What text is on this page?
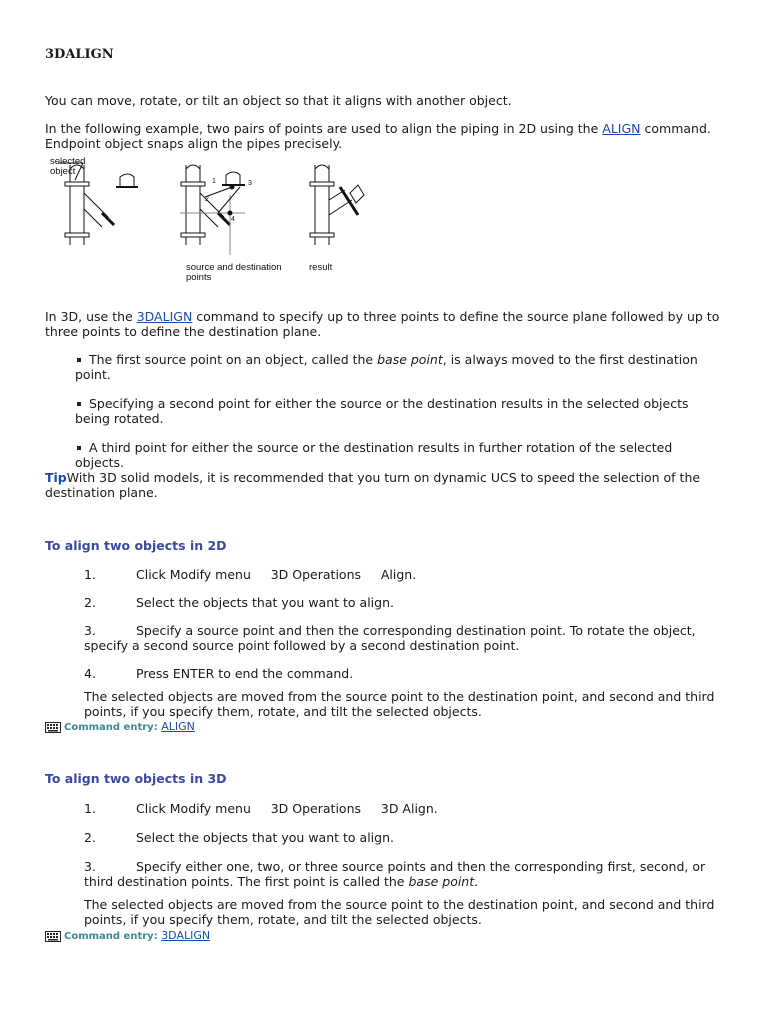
3DALIGN
You can move, rotate, or tilt an object so that it aligns with another object.
In the following example, two pairs of points are used to align the piping in 2D using the ALIGN command. Endpoint object snaps align the pipes precisely.
selected object
source and destination points
result
1
2
3
4
In 3D, use the 3DALIGN command to specify up to three points to define the source plane followed by up to three points to define the destination plane.
The first source point on an object, called the base point, is always moved to the first destination point.
Specifying a second point for either the source or the destination results in the selected objects being rotated.
A third point for either the source or the destination results in further rotation of the selected objects.
TipWith 3D solid models, it is recommended that you turn on dynamic UCS to speed the selection of the destination plane.
To align two objects in 2D
1.	Click Modify menu     3D Operations     Align.
2.	Select the objects that you want to align.
3.	Specify a source point and then the corresponding destination point. To rotate the object, specify a second source point followed by a second destination point.
4.	Press ENTER to end the command.
The selected objects are moved from the source point to the destination point, and second and third points, if you specify them, rotate, and tilt the selected objects.
Command entry: ALIGN
To align two objects in 3D
1.	Click Modify menu     3D Operations     3D Align.
2.	Select the objects that you want to align.
3.	Specify either one, two, or three source points and then the corresponding first, second, or third destination points. The first point is called the base point.
The selected objects are moved from the source point to the destination point, and second and third points, if you specify them, rotate, and tilt the selected objects.
Command entry: 3DALIGN
